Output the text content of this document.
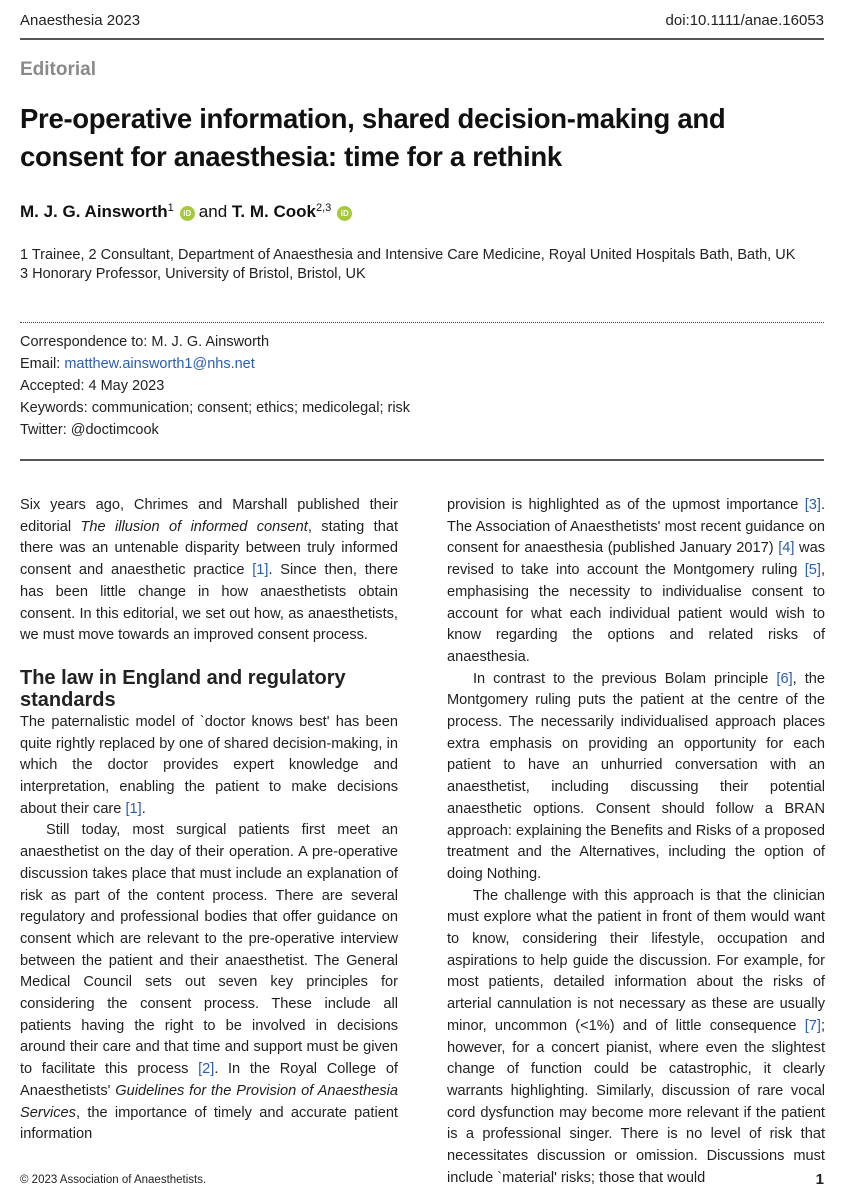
Anaesthesia 2023	doi:10.1111/anae.16053
Editorial
Pre-operative information, shared decision-making and consent for anaesthesia: time for a rethink
M. J. G. Ainsworth$^1$ iD and T. M. Cook$^{2,3}$ iD
1 Trainee, 2 Consultant, Department of Anaesthesia and Intensive Care Medicine, Royal United Hospitals Bath, Bath, UK
3 Honorary Professor, University of Bristol, Bristol, UK
Correspondence to: M. J. G. Ainsworth
Email: matthew.ainsworth1@nhs.net
Accepted: 4 May 2023
Keywords: communication; consent; ethics; medicolegal; risk
Twitter: @doctimcook

Six years ago, Chrimes and Marshall published their editorial The illusion of informed consent, stating that there was an untenable disparity between truly informed consent and anaesthetic practice [1]. Since then, there has been little change in how anaesthetists obtain consent. In this editorial, we set out how, as anaesthetists, we must move towards an improved consent process.

The law in England and regulatory standards

The paternalistic model of `doctor knows best' has been quite rightly replaced by one of shared decision-making, in which the doctor provides expert knowledge and interpretation, enabling the patient to make decisions about their care [1].

Still today, most surgical patients first meet an anaesthetist on the day of their operation. A pre-operative discussion takes place that must include an explanation of risk as part of the content process. There are several regulatory and professional bodies that offer guidance on consent which are relevant to the pre-operative interview between the patient and their anaesthetist. The General Medical Council sets out seven key principles for considering the consent process. These include all patients having the right to be involved in decisions around their care and that time and support must be given to facilitate this process [2]. In the Royal College of Anaesthetists' Guidelines for the Provision of Anaesthesia Services, the importance of timely and accurate patient information

provision is highlighted as of the upmost importance [3]. The Association of Anaesthetists' most recent guidance on consent for anaesthesia (published January 2017) [4] was revised to take into account the Montgomery ruling [5], emphasising the necessity to individualise consent to account for what each individual patient would wish to know regarding the options and related risks of anaesthesia.

In contrast to the previous Bolam principle [6], the Montgomery ruling puts the patient at the centre of the process. The necessarily individualised approach places extra emphasis on providing an opportunity for each patient to have an unhurried conversation with an anaesthetist, including discussing their potential anaesthetic options. Consent should follow a BRAN approach: explaining the Benefits and Risks of a proposed treatment and the Alternatives, including the option of doing Nothing.

The challenge with this approach is that the clinician must explore what the patient in front of them would want to know, considering their lifestyle, occupation and aspirations to help guide the discussion. For example, for most patients, detailed information about the risks of arterial cannulation is not necessary as these are usually minor, uncommon (<1%) and of little consequence [7]; however, for a concert pianist, where even the slightest change of function could be catastrophic, it clearly warrants highlighting. Similarly, discussion of rare vocal cord dysfunction may become more relevant if the patient is a professional singer. There is no level of risk that necessitates discussion or omission. Discussions must include `material' risks; those that would

© 2023 Association of Anaesthetists.	1
